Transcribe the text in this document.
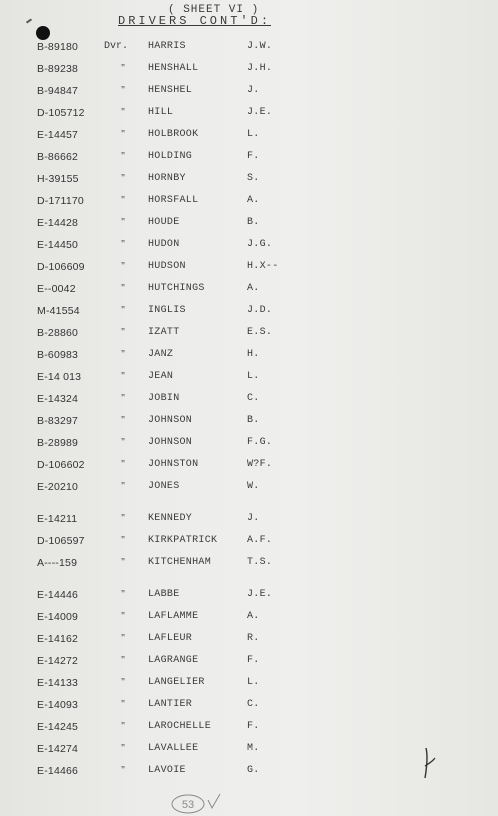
( SHEET VI )
DRIVERS CONT'D:
B-89180	Dvr.	HARRIS	J.W.
B-89238	"	HENSHALL	J.H.
B-94847	"	HENSHEL	J.
D-105712	"	HILL	J.E.
E-14457	"	HOLBROOK	L.
B-86662	"	HOLDING	F.
H-39155	"	HORNBY	S.
D-171170	"	HORSFALL	A.
E-14428	"	HOUDE	B.
E-14450	"	HUDON	J.G.
D-106609	"	HUDSON	H.X--
E--0042	"	HUTCHINGS	A.
M-41554	"	INGLIS	J.D.
B-28860	"	IZATT	E.S.
B-60983	"	JANZ	H.
E-14 013	"	JEAN	L.
E-14324	"	JOBIN	C.
B-83297	"	JOHNSON	B.
B-28989	"	JOHNSON	F.G.
D-106602	"	JOHNSTON	W?F.
E-20210	"	JONES	W.
E-14211	"	KENNEDY	J.
D-106597	"	KIRKPATRICK	A.F.
A----159	"	KITCHENHAM	T.S.
E-14446	"	LABBE	J.E.
E-14009	"	LAFLAMME	A.
E-14162	"	LAFLEUR	R.
E-14272	"	LAGRANGE	F.
E-14133	"	LANGELIER	L.
E-14093	"	LANTIER	C.
E-14245	"	LAROCHELLE	F.
E-14274	"	LAVALLEE	M.
E-14466	"	LAVOIE	G.
53
